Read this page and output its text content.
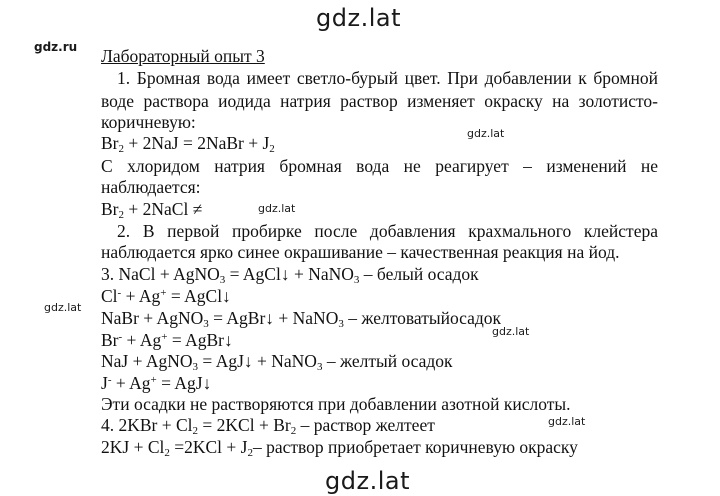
gdz.lat
gdz.ru
gdz.lat
gdz.lat
gdz.lat
gdz.lat
gdz.lat
gdz.lat
Лабораторный опыт 3
1. Бромная вода имеет светло-бурый цвет. При добавлении к бромной
воде раствора иодида натрия раствор изменяет окраску на золотисто-
коричневую:
$Br_2 + 2NaJ$ = 2NaBr + $J_2$
С хлоридом натрия бромная вода не реагирует – изменений не
наблюдается:
$Br_2$ + 2NaCl ≠
2. В первой пробирке после добавления крахмального клейстера
наблюдается ярко синее окрашивание – качественная реакция на йод.
3. NaCl + AgNO$_3$ = AgCl↓ + NaNO$_3$ – белый осадок
Cl- + Ag+ = AgCl↓
NaBr + AgNO$_3$ = AgBr↓ + NaNO$_3$ – желтоватыйосадок
Br- + Ag+ = AgBr↓
NaJ + AgNO$_3$ = AgJ↓ + NaNO$_3$ – желтый осадок
J- + Ag+ = AgJ↓
Эти осадки не растворяются при добавлении азотной кислоты.
4. $2KBr + Cl_2 = 2KCl + Br_2$ – раствор желтеет
$2KJ + Cl_2 =2KCl + J_2-$ раствор приобретает коричневую окраску
